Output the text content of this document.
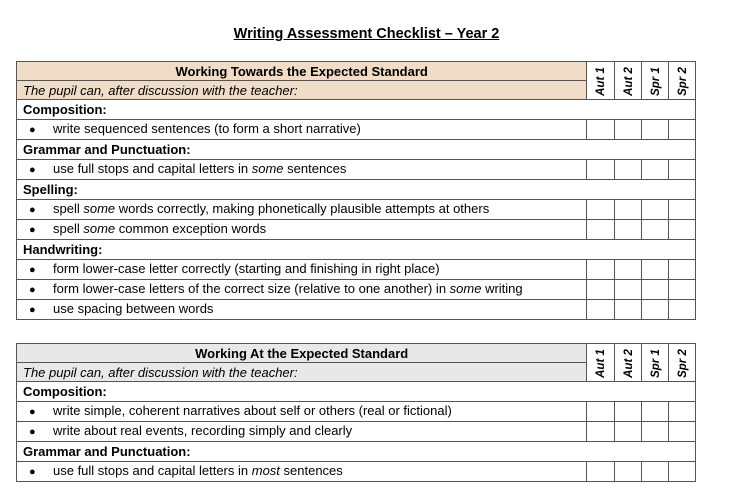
Writing Assessment Checklist – Year 2
Working Towards the Expected Standard	Aut 1	Aut 2	Spr 1	Spr 2
The pupil can, after discussion with the teacher:				
Composition:				
● write sequenced sentences (to form a short narrative)				
Grammar and Punctuation:				
● use full stops and capital letters in some sentences				
Spelling:				
● spell some words correctly, making phonetically plausible attempts at others				
● spell some common exception words				
Handwriting:				
● form lower-case letter correctly (starting and finishing in right place)				
● form lower-case letters of the correct size (relative to one another) in some writing				
● use spacing between words				
Working At the Expected Standard	Aut 1	Aut 2	Spr 1	Spr 2
The pupil can, after discussion with the teacher:				
Composition:				
● write simple, coherent narratives about self or others (real or fictional)				
● write about real events, recording simply and clearly				
Grammar and Punctuation:				
● use full stops and capital letters in most sentences				
